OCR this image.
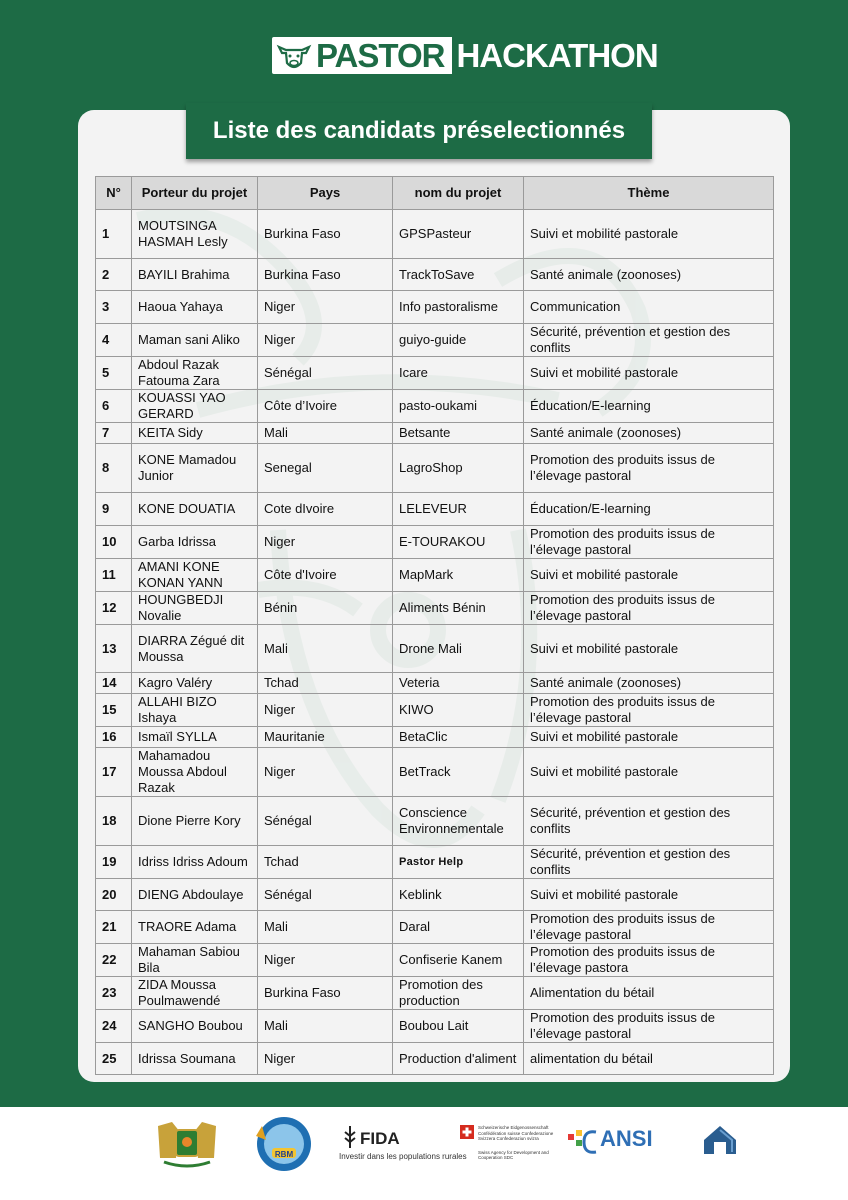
PASTOR HACKATHON
Liste des candidats préselectionnés
N°	Porteur du projet	Pays	nom du projet	Thème
1	MOUTSINGA HASMAH Lesly	Burkina Faso	GPSPasteur	Suivi et mobilité pastorale
2	BAYILI Brahima	Burkina Faso	TrackToSave	Santé animale (zoonoses)
3	Haoua Yahaya	Niger	Info pastoralisme	Communication
4	Maman sani Aliko	Niger	guiyo-guide	Sécurité, prévention et gestion des conflits
5	Abdoul Razak Fatouma Zara	Sénégal	Icare	Suivi et mobilité pastorale
6	KOUASSI YAO GERARD	Côte d’Ivoire	pasto-oukami	Éducation/E-learning
7	KEITA Sidy	Mali	Betsante	Santé animale (zoonoses)
8	KONE Mamadou Junior	Senegal	LagroShop	Promotion des produits issus de l’élevage pastoral
9	KONE DOUATIA	Cote dIvoire	LELEVEUR	Éducation/E-learning
10	Garba Idrissa	Niger	E-TOURAKOU	Promotion des produits issus de l’élevage pastoral
11	AMANI KONE KONAN YANN	Côte d'Ivoire	MapMark	Suivi et mobilité pastorale
12	HOUNGBEDJI Novalie	Bénin	Aliments Bénin	Promotion des produits issus de l’élevage pastoral
13	DIARRA Zégué dit Moussa	Mali	Drone Mali	Suivi et mobilité pastorale
14	Kagro Valéry	Tchad	Veteria	Santé animale (zoonoses)
15	ALLAHI BIZO Ishaya	Niger	KIWO	Promotion des produits issus de l’élevage pastoral
16	Ismaïl SYLLA	Mauritanie	BetaClic	Suivi et mobilité pastorale
17	Mahamadou Moussa Abdoul Razak	Niger	BetTrack	Suivi et mobilité pastorale
18	Dione Pierre Kory	Sénégal	Conscience Environnementale	Sécurité, prévention et gestion des conflits
19	Idriss Idriss Adoum	Tchad	Pastor Help	Sécurité, prévention et gestion des conflits
20	DIENG Abdoulaye	Sénégal	Keblink	Suivi et mobilité pastorale
21	TRAORE Adama	Mali	Daral	Promotion des produits issus de l’élevage pastoral
22	Mahaman Sabiou Bila	Niger	Confiserie Kanem	Promotion des produits issus de l’élevage pastora
23	ZIDA Moussa Poulmawendé	Burkina Faso	Promotion des production	Alimentation du bétail
24	SANGHO Boubou	Mali	Boubou Lait	Promotion des produits issus de l’élevage pastoral
25	Idrissa Soumana	Niger	Production d'aliment	alimentation du bétail
RBM
FIDA
Investir dans les populations rurales
Schweizerische Eidgenossenschaft Confédération suisse Confederazione Svizzera Confederaziun svizra
Swiss Agency for Development and Cooperation SDC
ANSI
